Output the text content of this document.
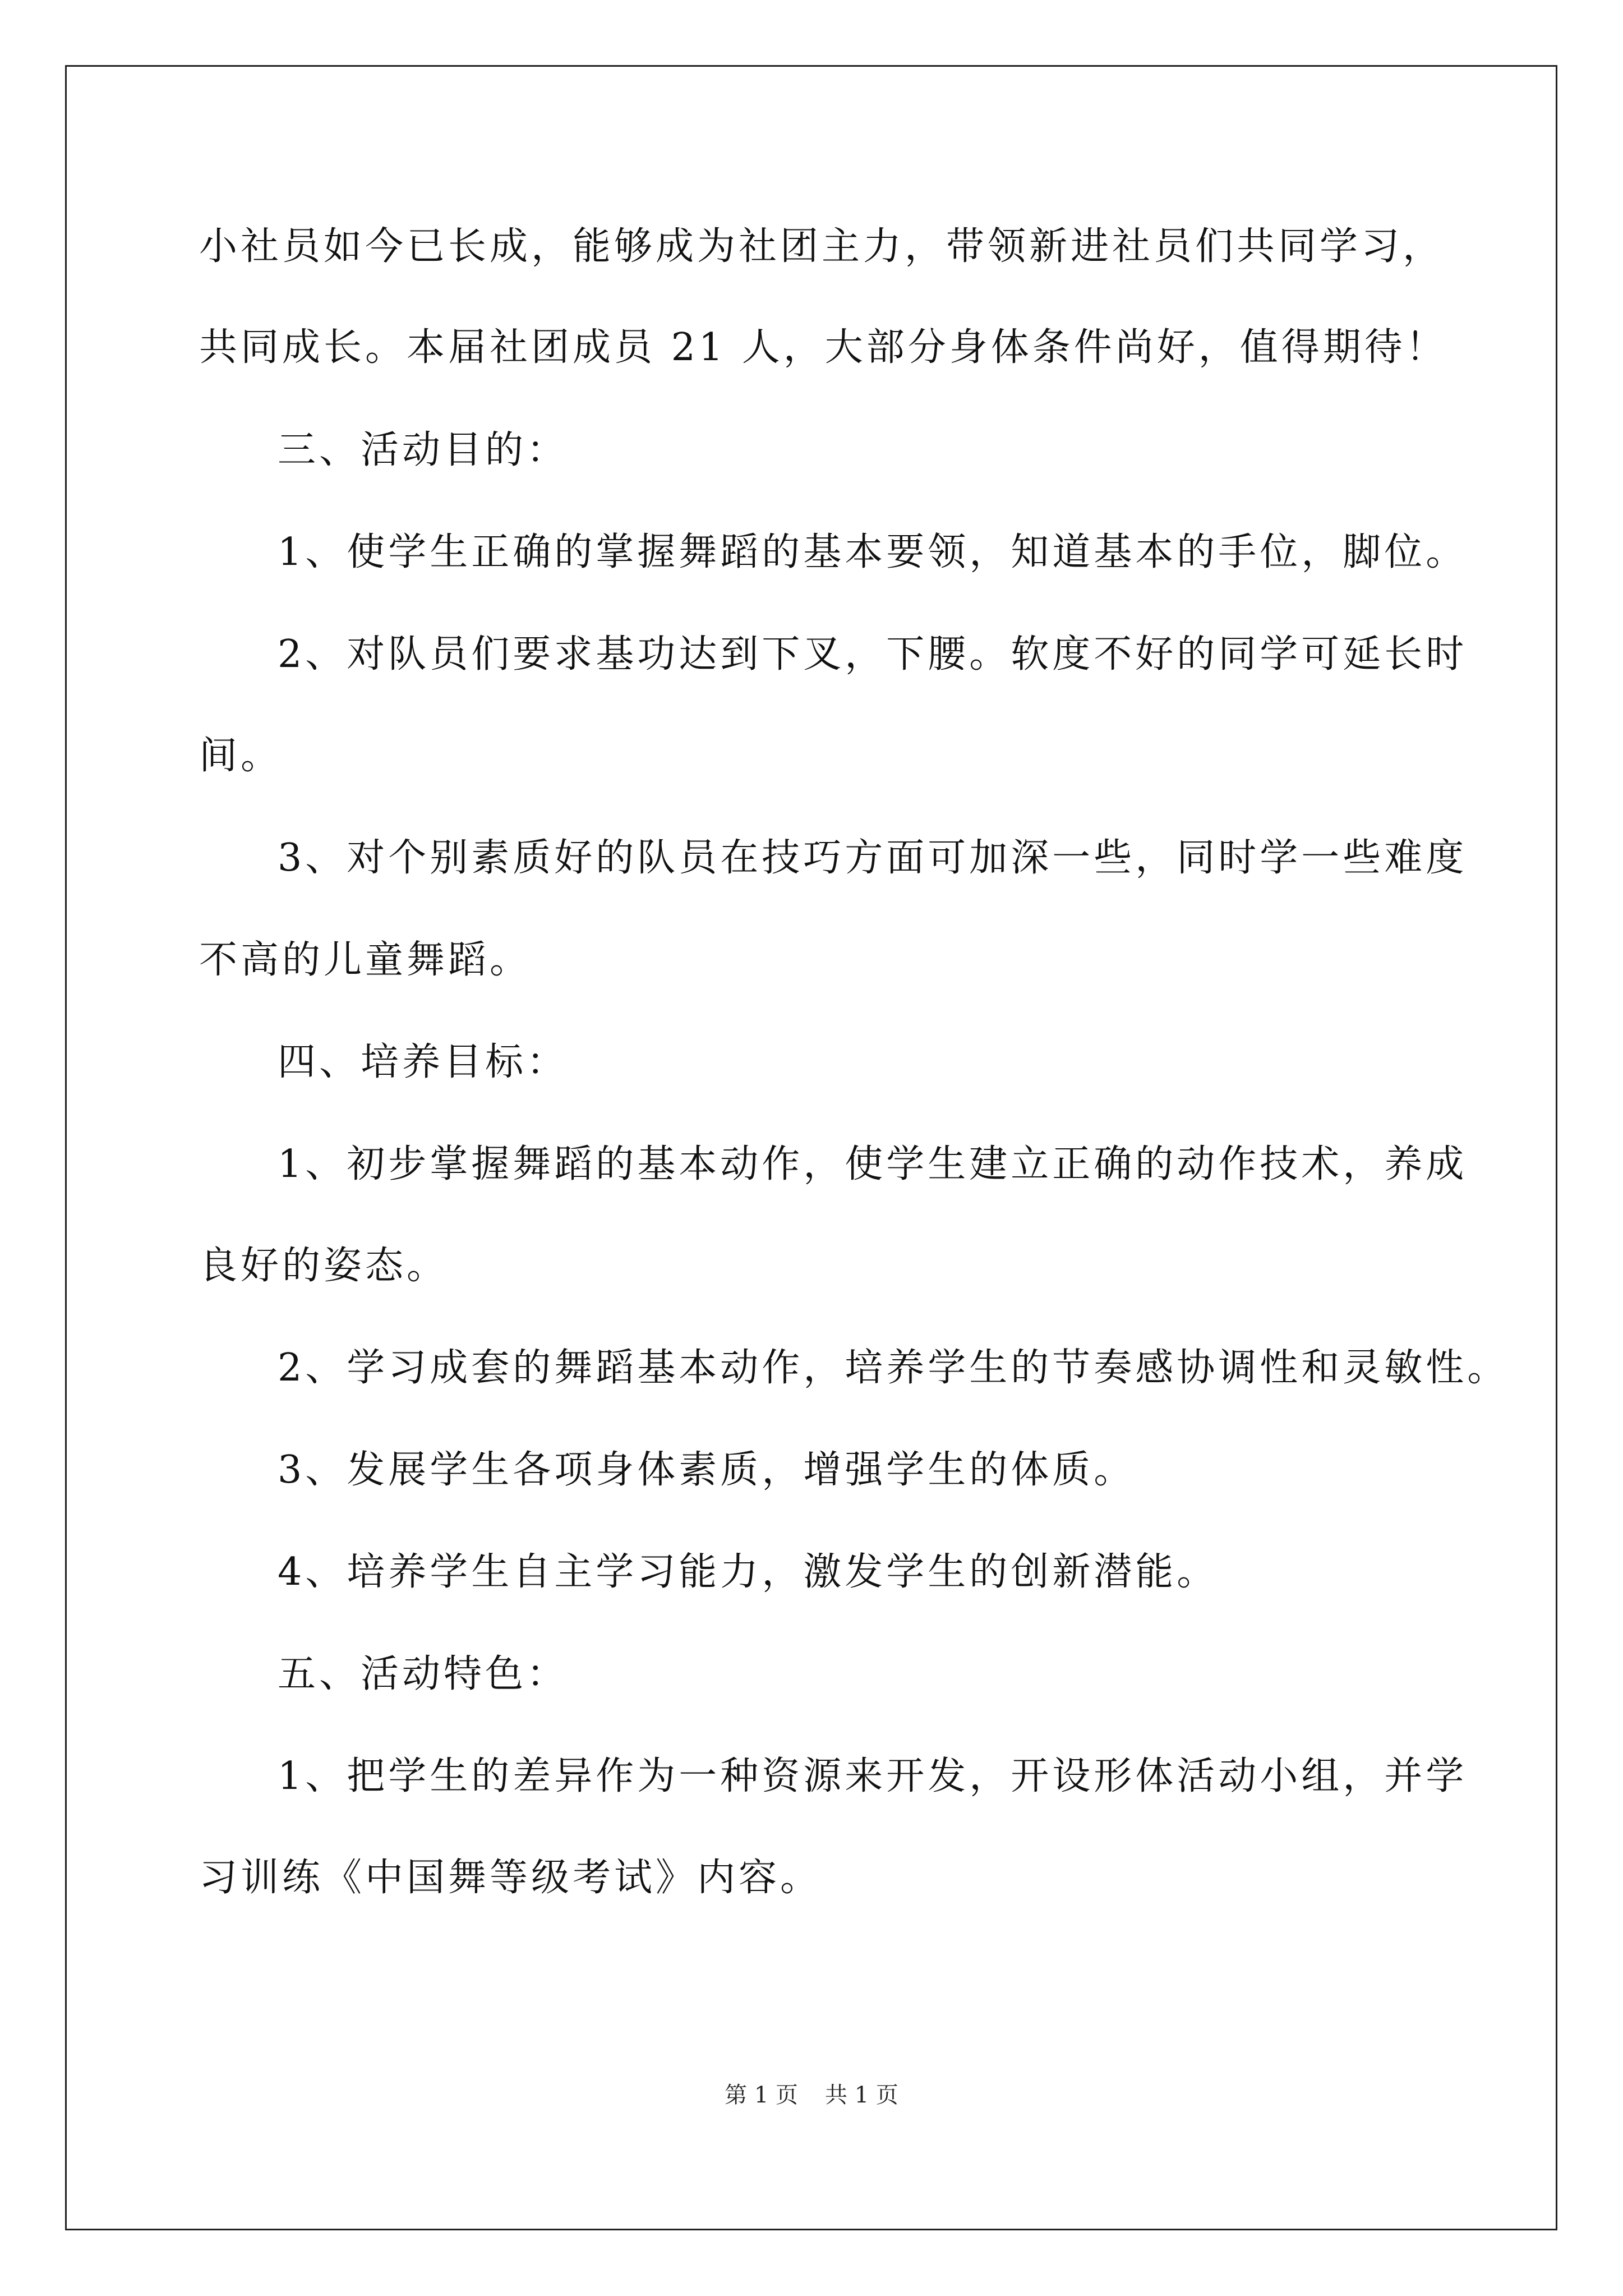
小社员如今已长成，能够成为社团主力，带领新进社员们共同学习，
共同成长。本届社团成员 21 人，大部分身体条件尚好，值得期待！
三、活动目的：
1、使学生正确的掌握舞蹈的基本要领，知道基本的手位，脚位。
2、对队员们要求基功达到下叉，下腰。软度不好的同学可延长时
间。
3、对个别素质好的队员在技巧方面可加深一些，同时学一些难度
不高的儿童舞蹈。
四、培养目标：
1、初步掌握舞蹈的基本动作，使学生建立正确的动作技术，养成
良好的姿态。
2、学习成套的舞蹈基本动作，培养学生的节奏感协调性和灵敏性。
3、发展学生各项身体素质，增强学生的体质。
4、培养学生自主学习能力，激发学生的创新潜能。
五、活动特色：
1、把学生的差异作为一种资源来开发，开设形体活动小组，并学
习训练《中国舞等级考试》内容。
第 1 页 共 1 页
